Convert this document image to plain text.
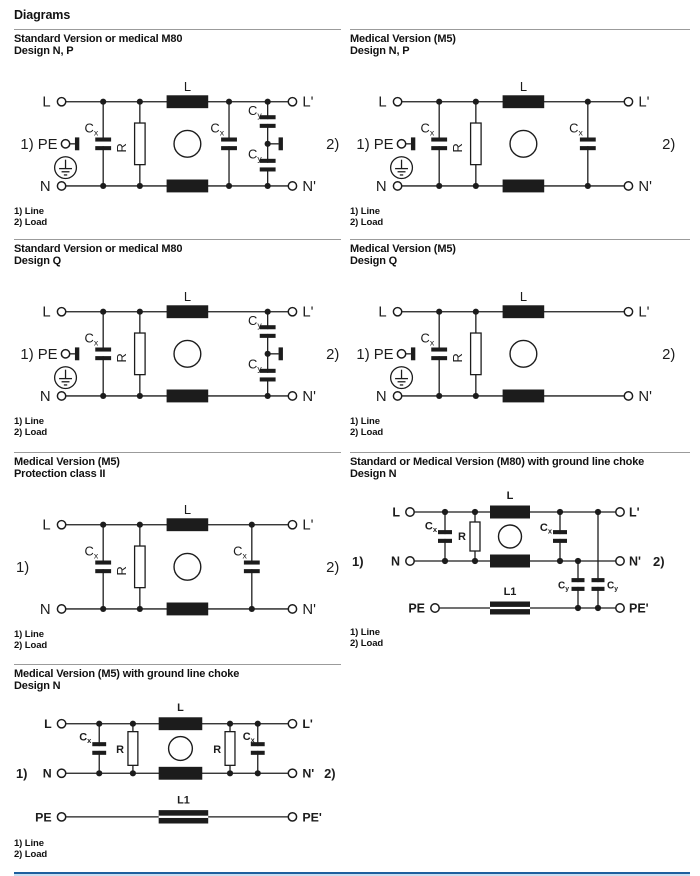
Diagrams
Standard Version or medical M80
Design N, P
L
$C_x$
R
$C_x$
$C_y$
$C_y$
L
N
L'
N'
1) PE	2)
1) Line
2) Load
Medical Version (M5)
Design N, P
L
$C_x$
R
$C_x$
L
N
L'
N'
1) PE	2)
1) Line
2) Load
Standard Version or medical M80
Design Q
L
$C_x$
R
$C_y$
$C_y$
L
N
L'
N'
1) PE	2)
1) Line
2) Load
Medical Version (M5)
Design Q
L
$C_x$
R
L
N
L'
N'
1) PE	2)
1) Line
2) Load
Medical Version (M5)
Protection class II
L
$C_x$
R
$C_x$
L
N
L'
N'
1)	2)
1) Line
2) Load
Standard or Medical Version (M80) with ground line choke
Design N
L
$C_x$
R
$C_x$
$C_y$	$C_y$
L1
L
N
PE
L'
N'
PE'
1)	2)
1) Line
2) Load
Medical Version (M5) with ground line choke
Design N
L
$C_x$
R	R
$C_x$
L1
L
N
PE
L'
N'
PE'
1)	2)
1) Line
2) Load
